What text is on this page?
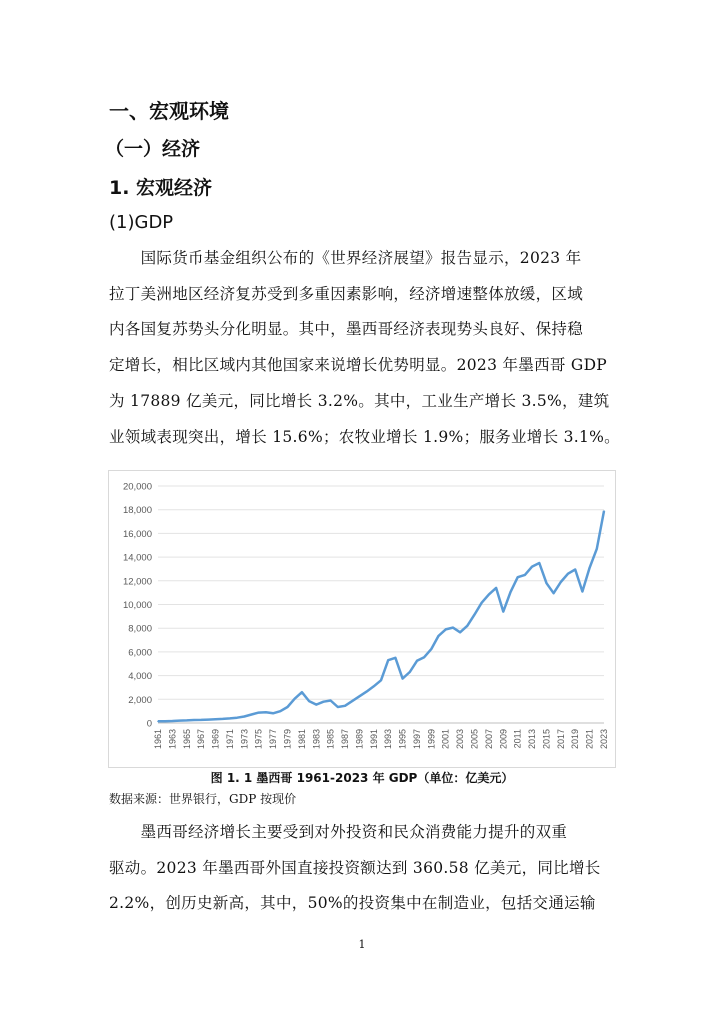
一、宏观环境
（一）经济
1. 宏观经济
(1)GDP
　　国际货币基金组织公布的《世界经济展望》报告显示，2023 年
拉丁美洲地区经济复苏受到多重因素影响，经济增速整体放缓，区域
内各国复苏势头分化明显。其中，墨西哥经济表现势头良好、保持稳
定增长，相比区域内其他国家来说增长优势明显。2023 年墨西哥 GDP
为 17889 亿美元，同比增长 3.2%。其中，工业生产增长 3.5%，建筑
业领域表现突出，增长 15.6%；农牧业增长 1.9%；服务业增长 3.1%。
0
2,000
4,000
6,000
8,000
10,000
12,000
14,000
16,000
18,000
20,000
1961 1963 1965 1967 1969 1971 1973 1975 1977 1979 1981 1983 1985 1987 1989 1991 1993 1995 1997 1999 2001 2003 2005 2007 2009 2011 2013 2015 2017 2019 2021 2023
图 1. 1 墨西哥 1961-2023 年 GDP（单位：亿美元）
数据来源：世界银行，GDP 按现价
　　墨西哥经济增长主要受到对外投资和民众消费能力提升的双重
驱动。2023 年墨西哥外国直接投资额达到 360.58 亿美元，同比增长
2.2%，创历史新高，其中，50%的投资集中在制造业，包括交通运输
1
